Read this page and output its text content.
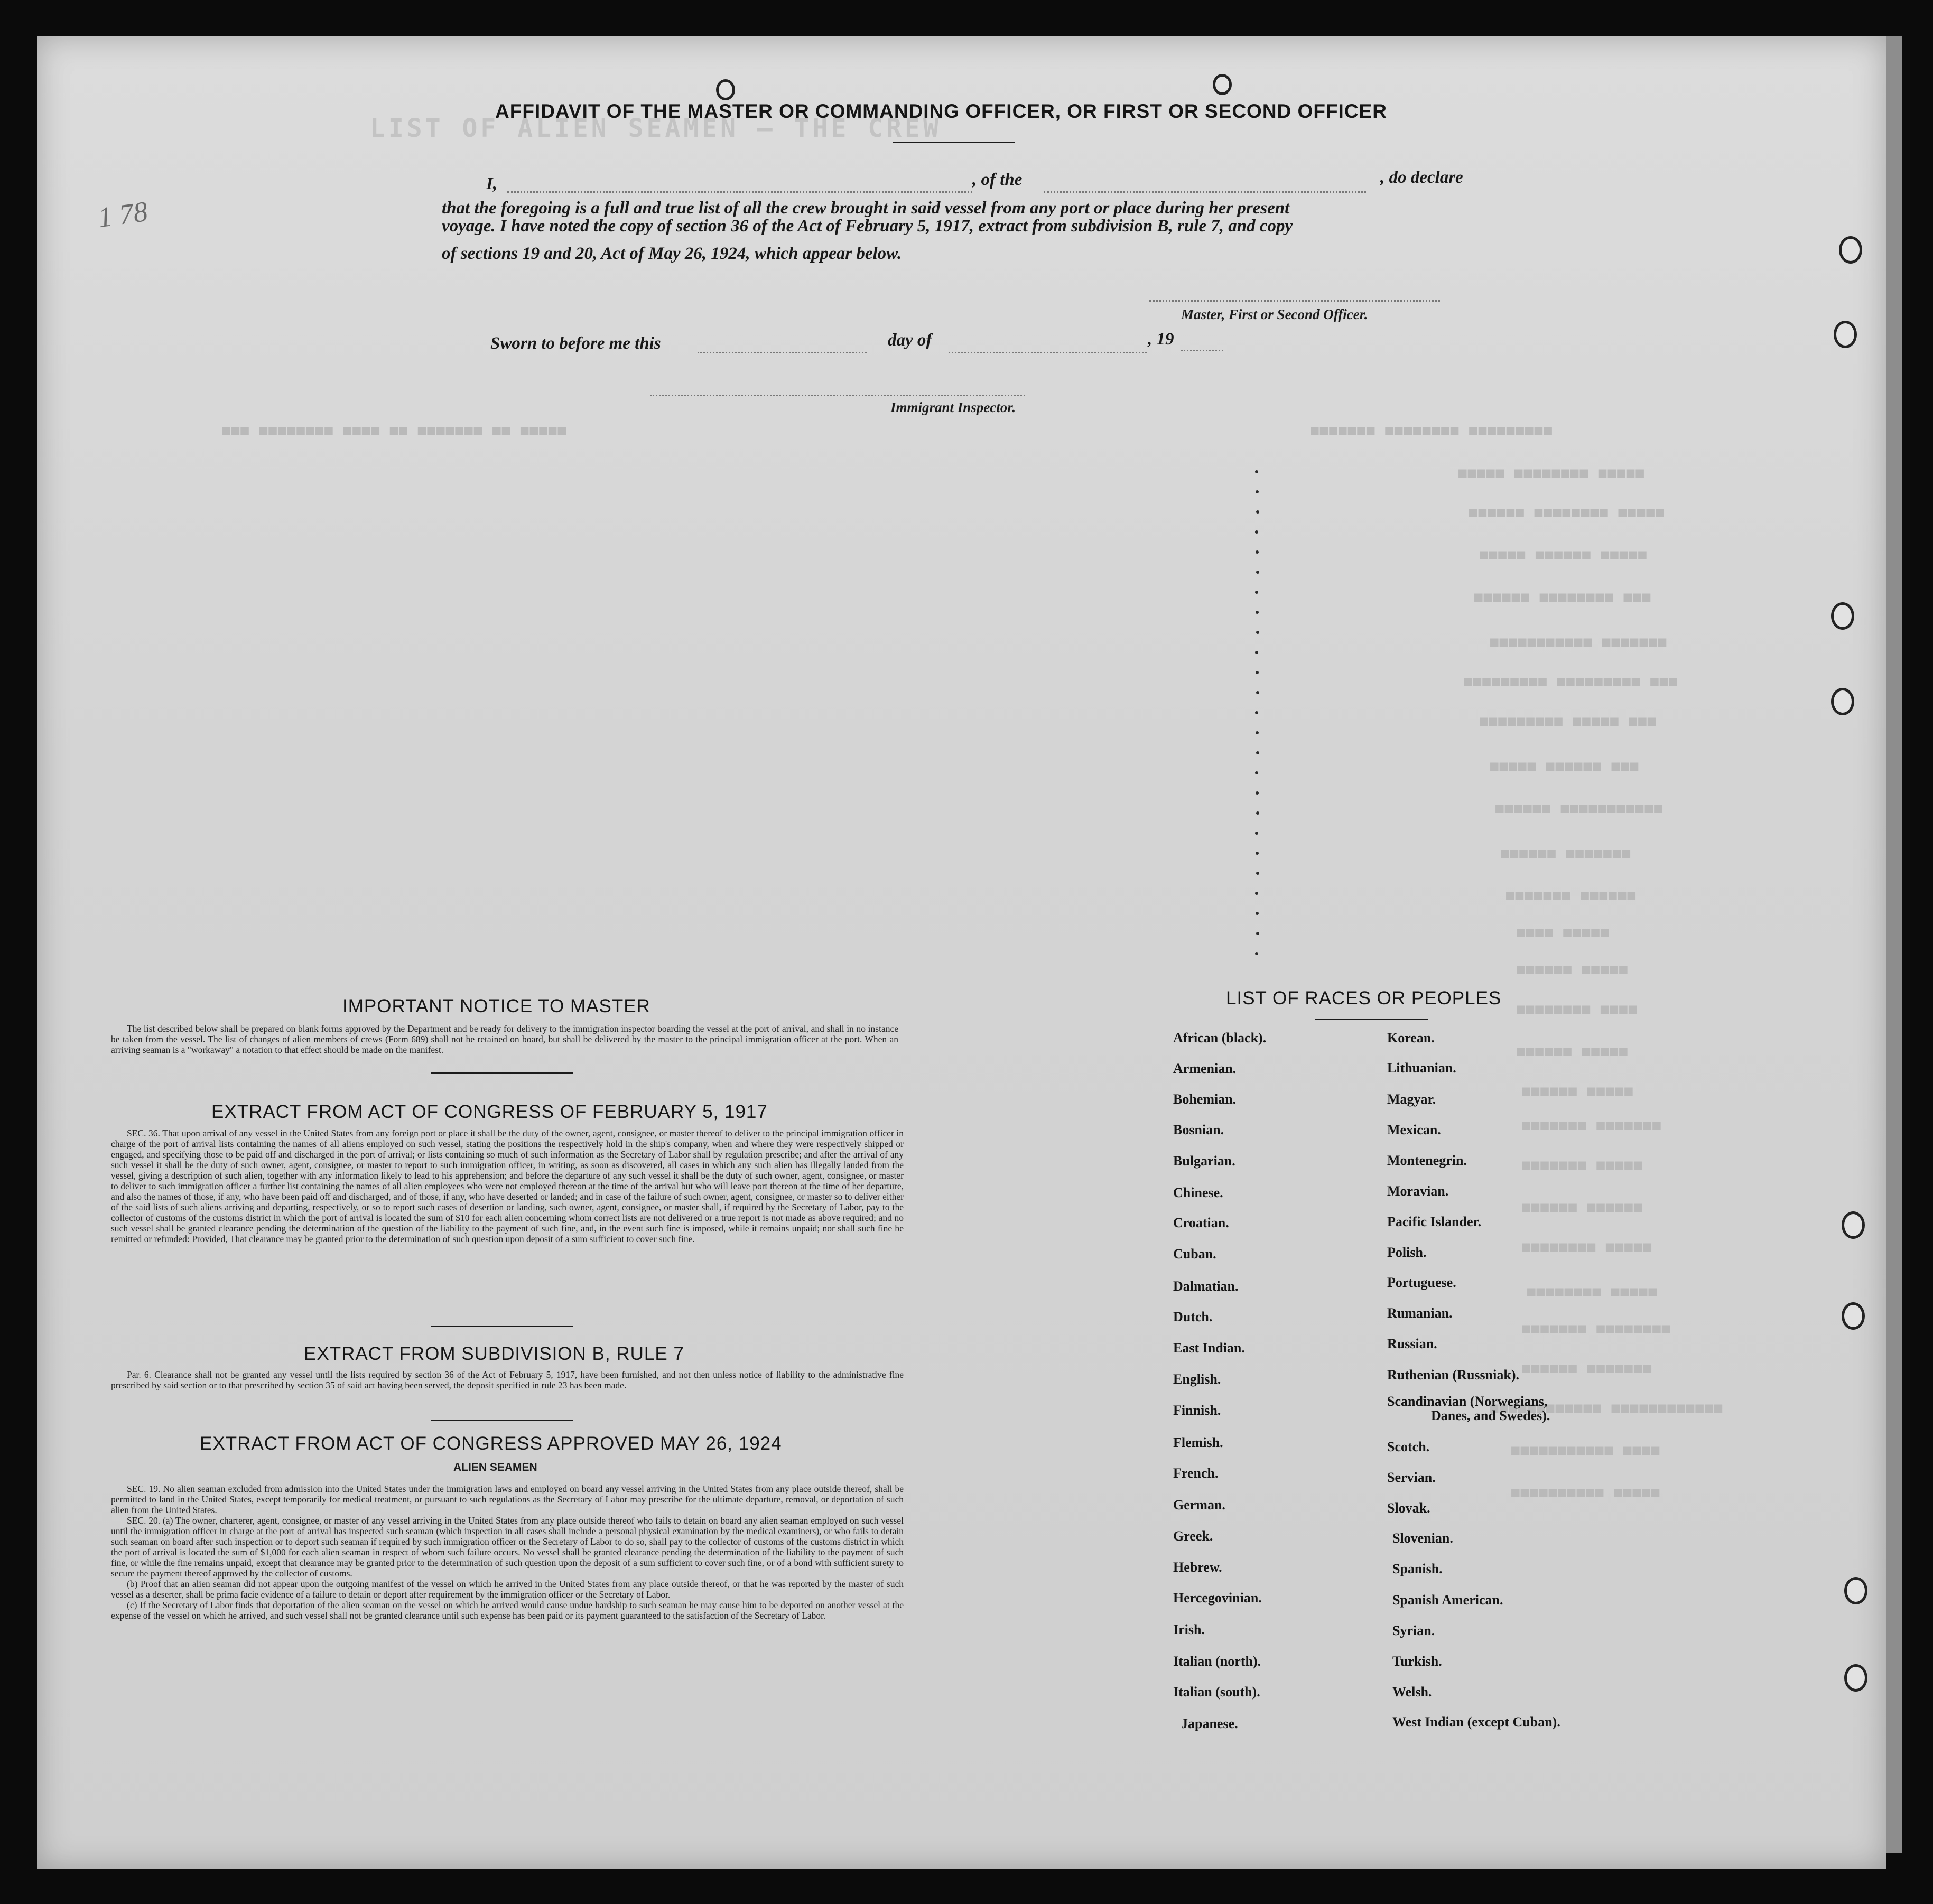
LIST OF ALIEN SEAMEN — THE CREW
■■■ ■■■■■■■■ ■■■■ ■■ ■■■■■■■ ■■ ■■■■■	■■■■■■■ ■■■■■■■■ ■■■■■■■■■
■■■■■ ■■■■■■■■ ■■■■■
■■■■■■ ■■■■■■■■ ■■■■■
■■■■■ ■■■■■■ ■■■■■
■■■■■■ ■■■■■■■■ ■■■
■■■■■■■■■■■ ■■■■■■■
■■■■■■■■■ ■■■■■■■■■ ■■■
■■■■■■■■■ ■■■■■ ■■■
■■■■■ ■■■■■■ ■■■
■■■■■■ ■■■■■■■■■■■
■■■■■■ ■■■■■■■
■■■■■■■ ■■■■■■
■■■■ ■■■■■
■■■■■■ ■■■■■
■■■■■■■■ ■■■■
■■■■■■ ■■■■■
■■■■■■ ■■■■■
■■■■■■■ ■■■■■■■
■■■■■■■ ■■■■■
■■■■■■ ■■■■■■
■■■■■■■■ ■■■■■
■■■■■■■■ ■■■■■
■■■■■■■ ■■■■■■■■
■■■■■■ ■■■■■■■
■■■■■■■■■■■■ ■■■■■■■■■■■■
■■■■■■■■■■■ ■■■■
■■■■■■■■■■ ■■■■■
1 78
AFFIDAVIT OF THE MASTER OR COMMANDING OFFICER, OR FIRST OR SECOND OFFICER
I,	, of the	, do declare
that the foregoing is a full and true list of all the crew brought in said vessel from any port or place during her present
voyage. I have noted the copy of section 36 of the Act of February 5, 1917, extract from subdivision B, rule 7, and copy
of sections 19 and 20, Act of May 26, 1924, which appear below.
Master, First or Second Officer.
Sworn to before me this	day of	, 19
Immigrant Inspector.
IMPORTANT NOTICE TO MASTER

The list described below shall be prepared on blank forms approved by the Department and be ready for delivery to the immigration inspector boarding the vessel at the port of arrival, and shall in no instance be taken from the vessel. The list of changes of alien members of crews (Form 689) shall not be retained on board, but shall be delivered by the master to the principal immigration officer at the port. When an arriving seaman is a "workaway" a notation to that effect should be made on the manifest.

EXTRACT FROM ACT OF CONGRESS OF FEBRUARY 5, 1917

SEC. 36. That upon arrival of any vessel in the United States from any foreign port or place it shall be the duty of the owner, agent, consignee, or master thereof to deliver to the principal immigration officer in charge of the port of arrival lists containing the names of all aliens employed on such vessel, stating the positions the respectively hold in the ship's company, when and where they were respectively shipped or engaged, and specifying those to be paid off and discharged in the port of arrival; or lists containing so much of such information as the Secretary of Labor shall by regulation prescribe; and after the arrival of any such vessel it shall be the duty of such owner, agent, consignee, or master to report to such immigration officer, in writing, as soon as discovered, all cases in which any such alien has illegally landed from the vessel, giving a description of such alien, together with any information likely to lead to his apprehension; and before the departure of any such vessel it shall be the duty of such owner, agent, consignee, or master to deliver to such immigration officer a further list containing the names of all alien employees who were not employed thereon at the time of the arrival but who will leave port thereon at the time of her departure, and also the names of those, if any, who have been paid off and discharged, and of those, if any, who have deserted or landed; and in case of the failure of such owner, agent, consignee, or master so to deliver either of the said lists of such aliens arriving and departing, respectively, or so to report such cases of desertion or landing, such owner, agent, consignee, or master shall, if required by the Secretary of Labor, pay to the collector of customs of the customs district in which the port of arrival is located the sum of $10 for each alien concerning whom correct lists are not delivered or a true report is not made as above required; and no such vessel shall be granted clearance pending the determination of the question of the liability to the payment of such fine, and, in the event such fine is imposed, while it remains unpaid; nor shall such fine be remitted or refunded: Provided, That clearance may be granted prior to the determination of such question upon deposit of a sum sufficient to cover such fine.

EXTRACT FROM SUBDIVISION B, RULE 7

Par. 6. Clearance shall not be granted any vessel until the lists required by section 36 of the Act of February 5, 1917, have been furnished, and not then unless notice of liability to the administrative fine prescribed by said section or to that prescribed by section 35 of said act having been served, the deposit specified in rule 23 has been made.

EXTRACT FROM ACT OF CONGRESS APPROVED MAY 26, 1924
ALIEN SEAMEN

SEC. 19. No alien seaman excluded from admission into the United States under the immigration laws and employed on board any vessel arriving in the United States from any place outside thereof, shall be permitted to land in the United States, except temporarily for medical treatment, or pursuant to such regulations as the Secretary of Labor may prescribe for the ultimate departure, removal, or deportation of such alien from the United States.

SEC. 20. (a) The owner, charterer, agent, consignee, or master of any vessel arriving in the United States from any place outside thereof who fails to detain on board any alien seaman employed on such vessel until the immigration officer in charge at the port of arrival has inspected such seaman (which inspection in all cases shall include a personal physical examination by the medical examiners), or who fails to detain such seaman on board after such inspection or to deport such seaman if required by such immigration officer or the Secretary of Labor to do so, shall pay to the collector of customs of the customs district in which the port of arrival is located the sum of $1,000 for each alien seaman in respect of whom such failure occurs. No vessel shall be granted clearance pending the determination of the liability to the payment of such fine, or while the fine remains unpaid, except that clearance may be granted prior to the determination of such question upon the deposit of a sum sufficient to cover such fine, or of a bond with sufficient surety to secure the payment thereof approved by the collector of customs.

(b) Proof that an alien seaman did not appear upon the outgoing manifest of the vessel on which he arrived in the United States from any place outside thereof, or that he was reported by the master of such vessel as a deserter, shall be prima facie evidence of a failure to detain or deport after requirement by the immigration officer or the Secretary of Labor.

(c) If the Secretary of Labor finds that deportation of the alien seaman on the vessel on which he arrived would cause undue hardship to such seaman he may cause him to be deported on another vessel at the expense of the vessel on which he arrived, and such vessel shall not be granted clearance until such expense has been paid or its payment guaranteed to the satisfaction of the Secretary of Labor.

LIST OF RACES OR PEOPLES
African (black).
Armenian.
Bohemian.
Bosnian.
Bulgarian.
Chinese.
Croatian.
Cuban.
Dalmatian.
Dutch.
East Indian.
English.
Finnish.
Flemish.
French.
German.
Greek.
Hebrew.
Hercegovinian.
Irish.
Italian (north).
Italian (south).
Japanese.
Korean.
Lithuanian.
Magyar.
Mexican.
Montenegrin.
Moravian.
Pacific Islander.
Polish.
Portuguese.
Rumanian.
Russian.
Ruthenian (Russniak).
Scandinavian (Norwegians,
Scotch.
Servian.
Slovak.
Slovenian.
Spanish.
Spanish American.
Syrian.
Turkish.
Welsh.
West Indian (except Cuban).
Danes, and Swedes).
